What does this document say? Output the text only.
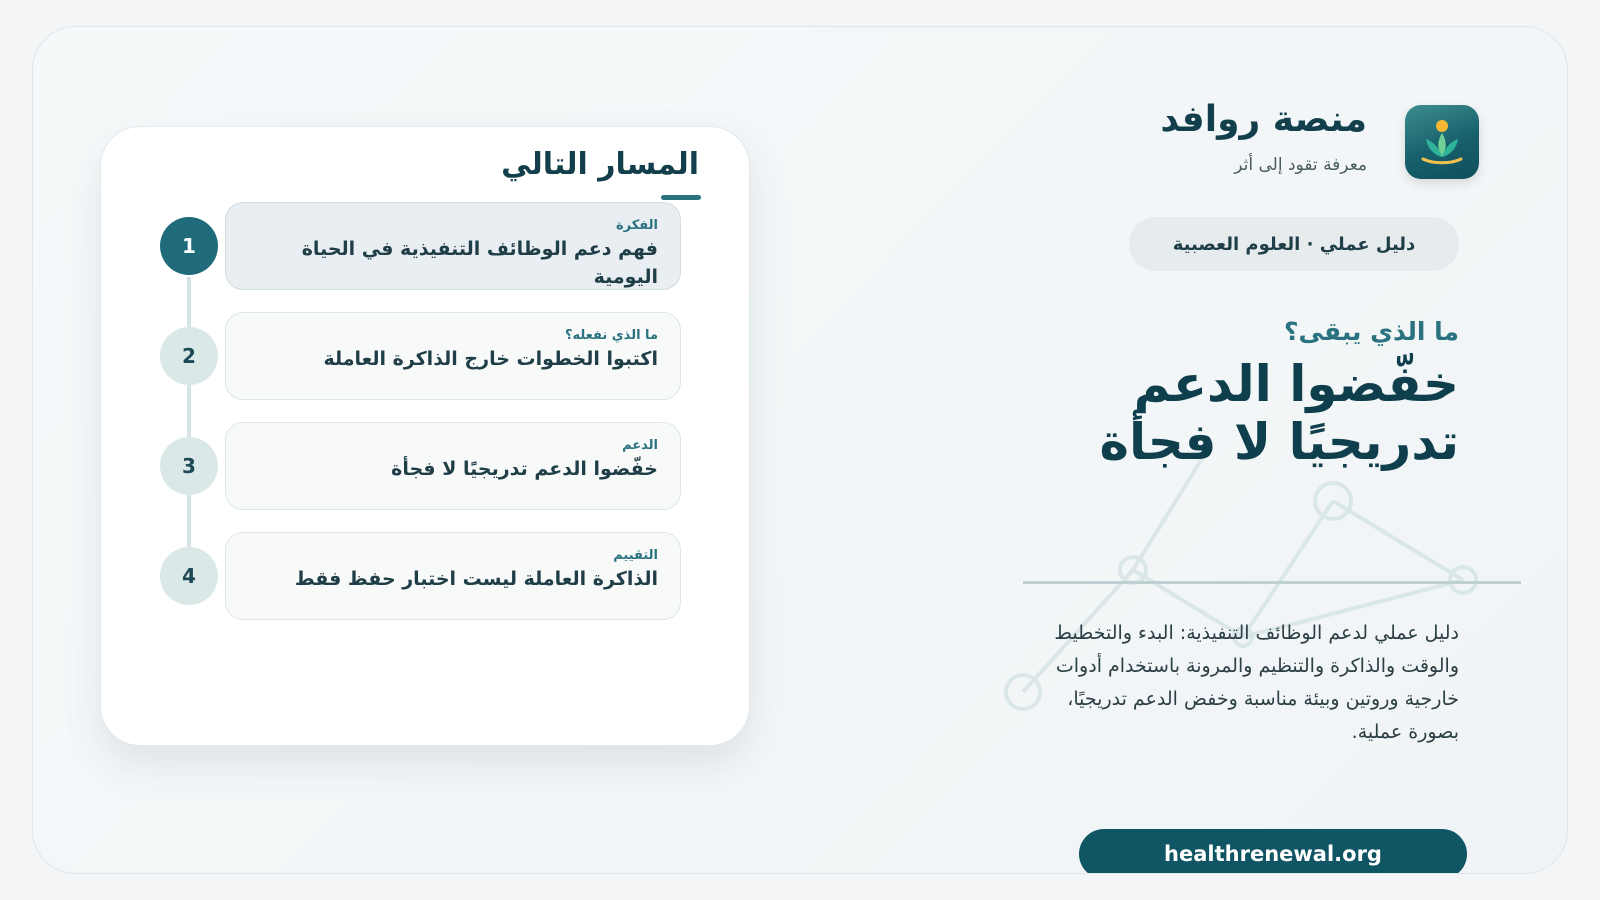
منصة روافد
معرفة تقود إلى أثر
دليل عملي · العلوم العصبية
ما الذي يبقى؟
خفّضوا الدعم
تدريجيًا لا فجأة
دليل عملي لدعم الوظائف التنفيذية: البدء والتخطيط والوقت والذاكرة والتنظيم والمرونة باستخدام أدوات خارجية وروتين وبيئة مناسبة وخفض الدعم تدريجيًا، بصورة عملية.
healthrenewal.org
المسار التالي
1
الفكرة
فهم دعم الوظائف التنفيذية في الحياة اليومية
2
ما الذي نفعله؟
اكتبوا الخطوات خارج الذاكرة العاملة
3
الدعم
خفّضوا الدعم تدريجيًا لا فجأة
4
التقييم
الذاكرة العاملة ليست اختبار حفظ فقط
